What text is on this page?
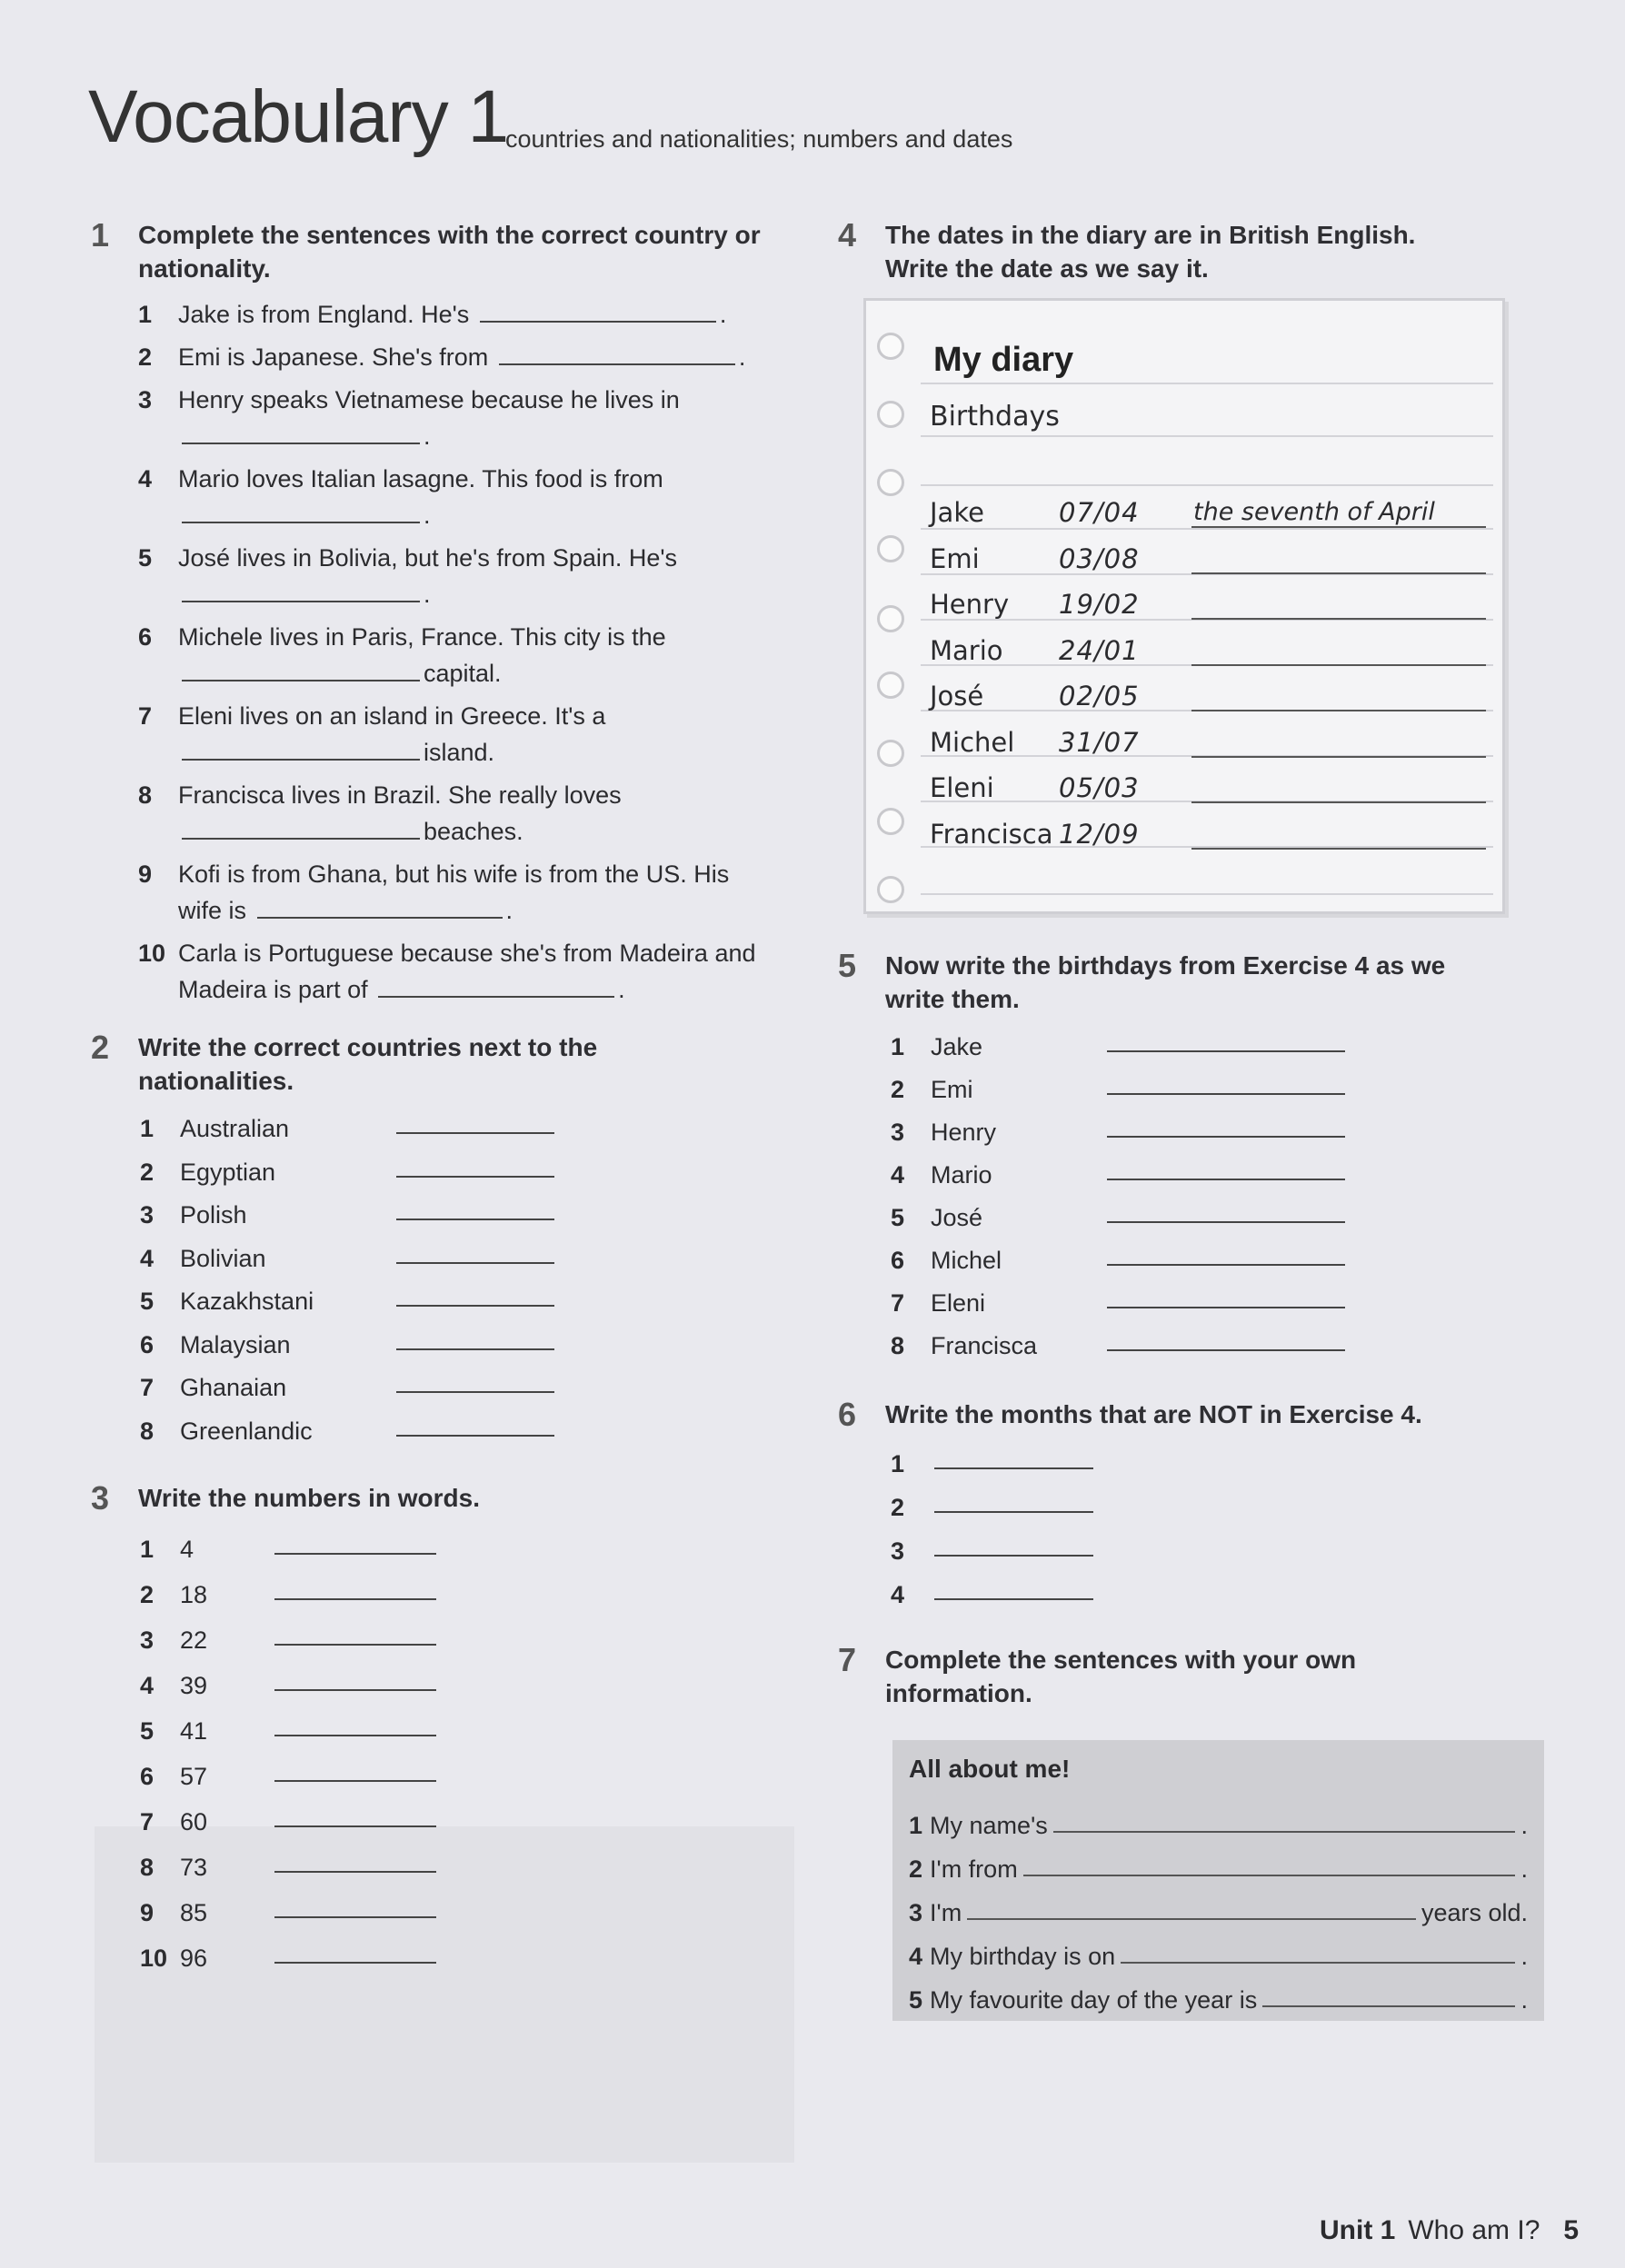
Vocabulary 1
countries and nationalities; numbers and dates
1	Complete the sentences with the correct country or nationality.
1	Jake is from England. He's	.
2	Emi is Japanese. She's from	.
3	Henry speaks Vietnamese because he lives in .
4	Mario loves Italian lasagne. This food is from .
5	José lives in Bolivia, but he's from Spain. He's .
6	Michele lives in Paris, France. This city is the capital.
7	Eleni lives on an island in Greece. It's a island.
8	Francisca lives in Brazil. She really loves beaches.
9	Kofi is from Ghana, but his wife is from the US. His wife is	.
10 Carla is Portuguese because she's from Madeira and Madeira is part of	.
2	Write the correct countries next to the nationalities.
1	Australian
2	Egyptian
3	Polish
4	Bolivian
5	Kazakhstani
6	Malaysian
7	Ghanaian
8	Greenlandic
3	Write the numbers in words.
1	4
2	18
3	22
4	39
5	41
6	57
7	60
8	73
9	85
10 96
4	The dates in the diary are in British English. Write the date as we say it.
My diary
Birthdays
Jake	07/04	the seventh of April
Emi	03/08
Henry	19/02
Mario	24/01
José	02/05
Michel	31/07
Eleni	05/03
Francisca 12/09
5	Now write the birthdays from Exercise 4 as we write them.
1	Jake
2	Emi
3	Henry
4	Mario
5	José
6	Michel
7	Eleni
8	Francisca
6	Write the months that are NOT in Exercise 4.
1
2
3
4
7	Complete the sentences with your own information.
All about me!
1 My name's	.
2 I'm from	.
3 I'm	years old.
4 My birthday is on	.
5 My favourite day of the year is	.
Unit 1 Who am I? 5
